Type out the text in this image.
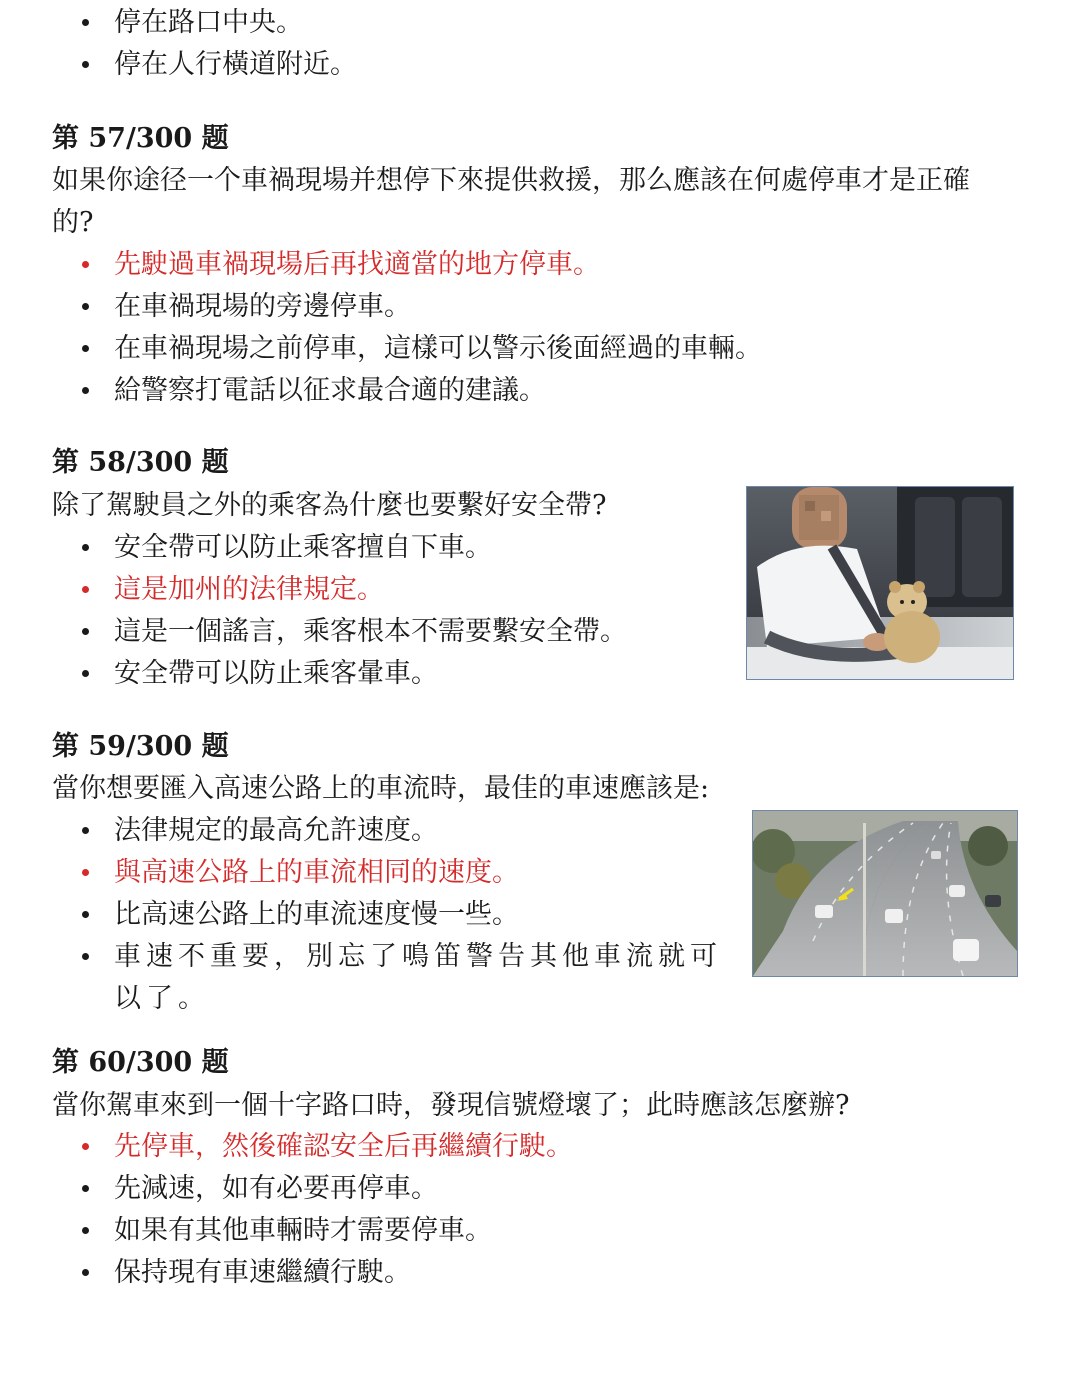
停在路口中央。
停在人行橫道附近。
第 57/300 题
如果你途径一个車禍現場并想停下來提供救援，那么應該在何處停車才是正確
的?
先駛過車禍現場后再找適當的地方停車。
在車禍現場的旁邊停車。
在車禍現場之前停車，這樣可以警示後面經過的車輛。
給警察打電話以征求最合適的建議。
第 58/300 题
除了駕駛員之外的乘客為什麼也要繫好安全帶?
安全帶可以防止乘客擅自下車。
這是加州的法律規定。
這是一個謠言，乘客根本不需要繫安全帶。
安全帶可以防止乘客暈車。
第 59/300 题
當你想要匯入高速公路上的車流時，最佳的車速應該是:
法律規定的最高允許速度。
與高速公路上的車流相同的速度。
比高速公路上的車流速度慢一些。
車速不重要，別忘了鳴笛警告其他車流就可以了。
第 60/300 题
當你駕車來到一個十字路口時，發現信號燈壞了；此時應該怎麼辦?
先停車，然後確認安全后再繼續行駛。
先減速，如有必要再停車。
如果有其他車輛時才需要停車。
保持現有車速繼續行駛。
